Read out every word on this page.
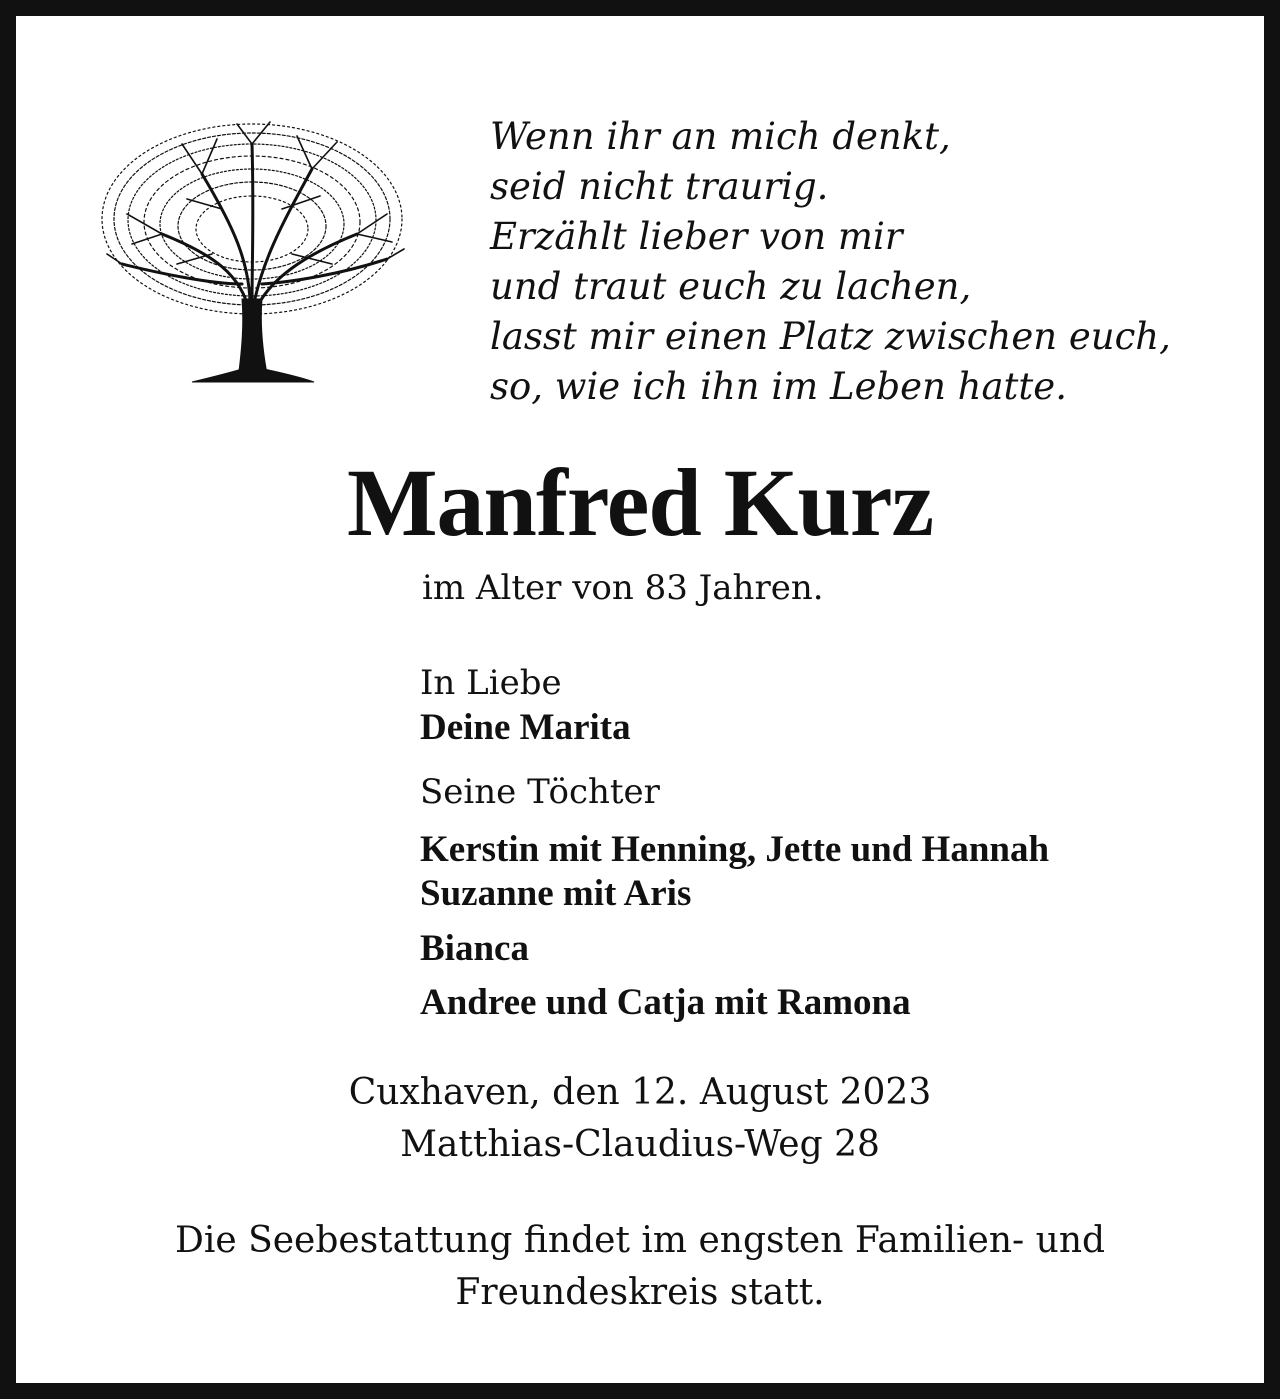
Wenn ihr an mich denkt,
seid nicht traurig.
Erzählt lieber von mir
und traut euch zu lachen,
lasst mir einen Platz zwischen euch,
so, wie ich ihn im Leben hatte.
Manfred Kurz
im Alter von 83 Jahren.
In Liebe
Deine Marita
Seine Töchter
Kerstin mit Henning, Jette und Hannah
Suzanne mit Aris
Bianca
Andree und Catja mit Ramona
Cuxhaven, den 12. August 2023
Matthias-Claudius-Weg 28
Die Seebestattung findet im engsten Familien- und
Freundeskreis statt.
